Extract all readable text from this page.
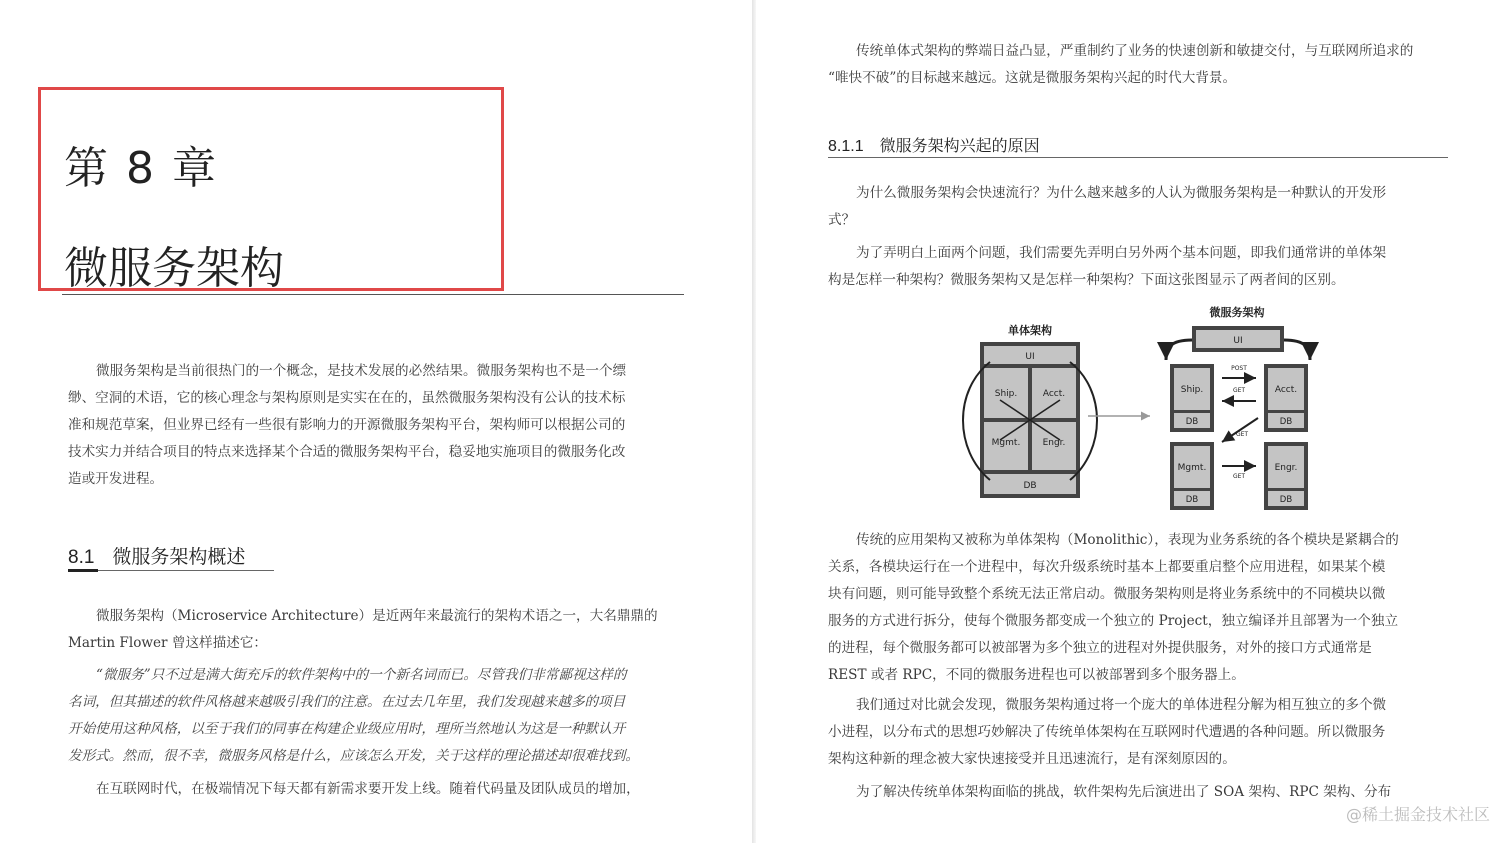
第 8 章
微服务架构
微服务架构是当前很热门的一个概念，是技术发展的必然结果。微服务架构也不是一个缥
缈、空洞的术语，它的核心理念与架构原则是实实在在的，虽然微服务架构没有公认的技术标
准和规范草案，但业界已经有一些很有影响力的开源微服务架构平台，架构师可以根据公司的
技术实力并结合项目的特点来选择某个合适的微服务架构平台，稳妥地实施项目的微服务化改
造或开发进程。
8.1 微服务架构概述
微服务架构（Microservice Architecture）是近两年来最流行的架构术语之一，大名鼎鼎的
Martin Flower 曾这样描述它：
“微服务”只不过是满大街充斥的软件架构中的一个新名词而已。尽管我们非常鄙视这样的
名词，但其描述的软件风格越来越吸引我们的注意。在过去几年里，我们发现越来越多的项目
开始使用这种风格，以至于我们的同事在构建企业级应用时，理所当然地认为这是一种默认开
发形式。然而，很不幸，微服务风格是什么，应该怎么开发，关于这样的理论描述却很难找到。
在互联网时代，在极端情况下每天都有新需求要开发上线。随着代码量及团队成员的增加，
传统单体式架构的弊端日益凸显，严重制约了业务的快速创新和敏捷交付，与互联网所追求的
“唯快不破”的目标越来越远。这就是微服务架构兴起的时代大背景。
8.1.1 微服务架构兴起的原因
为什么微服务架构会快速流行？为什么越来越多的人认为微服务架构是一种默认的开发形
式？
为了弄明白上面两个问题，我们需要先弄明白另外两个基本问题，即我们通常讲的单体架
构是怎样一种架构？微服务架构又是怎样一种架构？下面这张图显示了两者间的区别。
传统的应用架构又被称为单体架构（Monolithic），表现为业务系统的各个模块是紧耦合的
关系，各模块运行在一个进程中，每次升级系统时基本上都要重启整个应用进程，如果某个模
块有问题，则可能导致整个系统无法正常启动。微服务架构则是将业务系统中的不同模块以微
服务的方式进行拆分，使每个微服务都变成一个独立的 Project，独立编译并且部署为一个独立
的进程，每个微服务都可以被部署为多个独立的进程对外提供服务，对外的接口方式通常是
REST 或者 RPC，不同的微服务进程也可以被部署到多个服务器上。
我们通过对比就会发现，微服务架构通过将一个庞大的单体进程分解为相互独立的多个微
小进程，以分布式的思想巧妙解决了传统单体架构在互联网时代遭遇的各种问题。所以微服务
架构这种新的理念被大家快速接受并且迅速流行，是有深刻原因的。
为了解决传统单体架构面临的挑战，软件架构先后演进出了 SOA 架构、RPC 架构、分布
单体架构
UI
Ship.	Acct.
Mgmt. Engr.
DB
微服务架构
UI
Ship.
DB
Acct.
DB
Mgmt.
DB
Engr.
DB
POST
GET
GET
GET
@稀土掘金技术社区
